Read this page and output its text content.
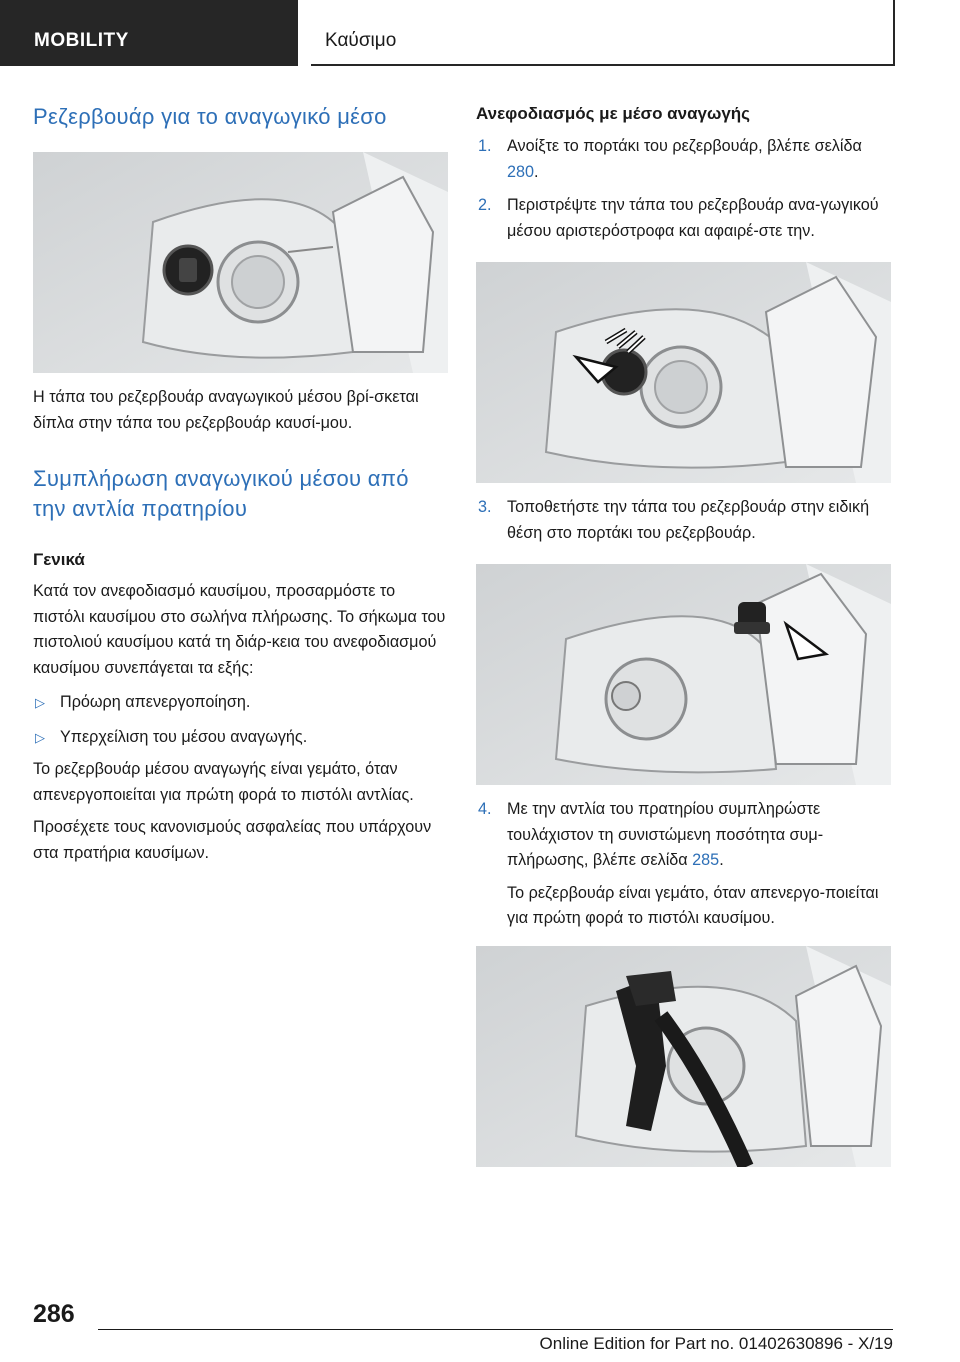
MOBILITY	Καύσιμο
Ρεζερβουάρ για το αναγωγικό μέσο

Η τάπα του ρεζερβουάρ αναγωγικού μέσου βρί-σκεται δίπλα στην τάπα του ρεζερβουάρ καυσί-μου.

Συμπλήρωση αναγωγικού μέσου από την αντλία πρατηρίου
Γενικά

Κατά τον ανεφοδιασμό καυσίμου, προσαρμόστε το πιστόλι καυσίμου στο σωλήνα πλήρωσης. Το σήκωμα του πιστολιού καυσίμου κατά τη διάρ-κεια του ανεφοδιασμού καυσίμου συνεπάγεται τα εξής:

▷ Πρόωρη απενεργοποίηση.
▷ Υπερχείλιση του μέσου αναγωγής.

Το ρεζερβουάρ μέσου αναγωγής είναι γεμάτο, όταν απενεργοποιείται για πρώτη φορά το πιστόλι αντλίας.

Προσέχετε τους κανονισμούς ασφαλείας που υπάρχουν στα πρατήρια καυσίμων.

Ανεφοδιασμός με μέσο αναγωγής
1. Ανοίξτε το πορτάκι του ρεζερβουάρ, βλέπε σελίδα 280.
2. Περιστρέψτε την τάπα του ρεζερβουάρ ανα-γωγικού μέσου αριστερόστροφα και αφαιρέ-στε την.
3. Τοποθετήστε την τάπα του ρεζερβουάρ στην ειδική θέση στο πορτάκι του ρεζερβουάρ.
4. Με την αντλία του πρατηρίου συμπληρώστε τουλάχιστον τη συνιστώμενη ποσότητα συμ-πλήρωσης, βλέπε σελίδα 285.
Το ρεζερβουάρ είναι γεμάτο, όταν απενεργο-ποιείται για πρώτη φορά το πιστόλι καυσίμου.
286
Online Edition for Part no. 01402630896 - X/19
